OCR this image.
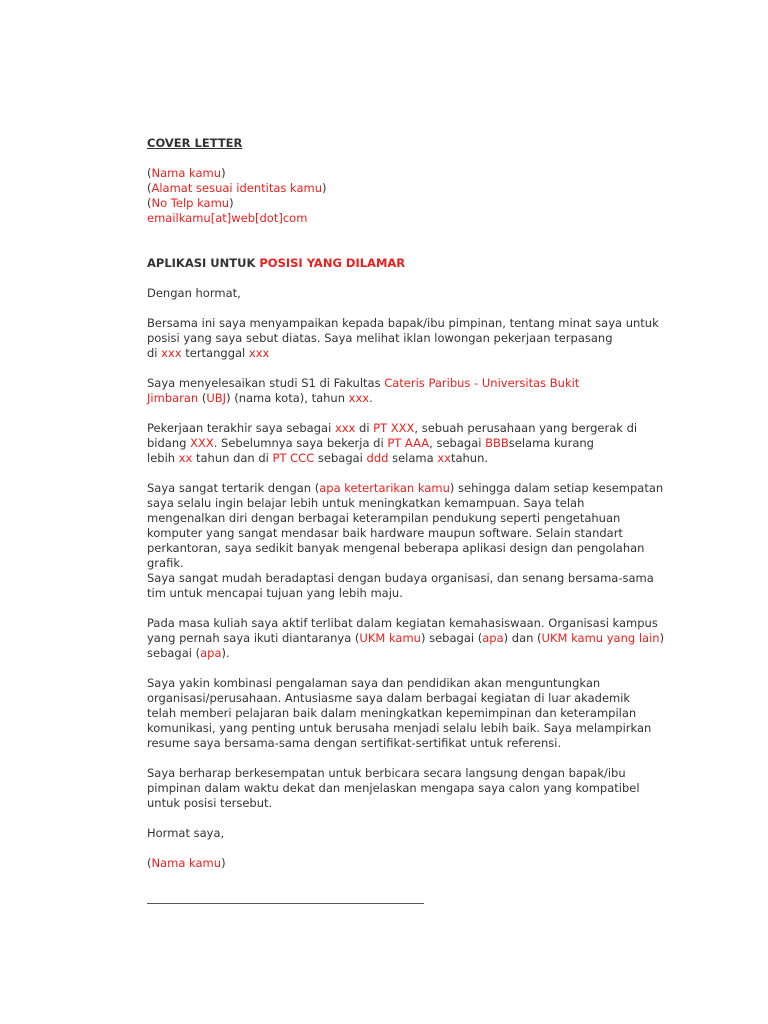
COVER LETTER
(Nama kamu)
(Alamat sesuai identitas kamu)
(No Telp kamu)
emailkamu[at]web[dot]com
APLIKASI UNTUK POSISI YANG DILAMAR
Dengan hormat,
Bersama ini saya menyampaikan kepada bapak/ibu pimpinan, tentang minat saya untuk
posisi yang saya sebut diatas. Saya melihat iklan lowongan pekerjaan terpasang
di xxx tertanggal xxx
Saya menyelesaikan studi S1 di Fakultas Cateris Paribus - Universitas Bukit
Jimbaran (UBJ) (nama kota), tahun xxx.
Pekerjaan terakhir saya sebagai xxx di PT XXX, sebuah perusahaan yang bergerak di
bidang XXX. Sebelumnya saya bekerja di PT AAA, sebagai BBBselama kurang
lebih xx tahun dan di PT CCC sebagai ddd selama xxtahun.
Saya sangat tertarik dengan (apa ketertarikan kamu) sehingga dalam setiap kesempatan
saya selalu ingin belajar lebih untuk meningkatkan kemampuan. Saya telah
mengenalkan diri dengan berbagai keterampilan pendukung seperti pengetahuan
komputer yang sangat mendasar baik hardware maupun software. Selain standart
perkantoran, saya sedikit banyak mengenal beberapa aplikasi design dan pengolahan
grafik.
Saya sangat mudah beradaptasi dengan budaya organisasi, dan senang bersama-sama
tim untuk mencapai tujuan yang lebih maju.
Pada masa kuliah saya aktif terlibat dalam kegiatan kemahasiswaan. Organisasi kampus
yang pernah saya ikuti diantaranya (UKM kamu) sebagai (apa) dan (UKM kamu yang lain)
sebagai (apa).
Saya yakin kombinasi pengalaman saya dan pendidikan akan menguntungkan
organisasi/perusahaan. Antusiasme saya dalam berbagai kegiatan di luar akademik
telah memberi pelajaran baik dalam meningkatkan kepemimpinan dan keterampilan
komunikasi, yang penting untuk berusaha menjadi selalu lebih baik. Saya melampirkan
resume saya bersama-sama dengan sertifikat-sertifikat untuk referensi.
Saya berharap berkesempatan untuk berbicara secara langsung dengan bapak/ibu
pimpinan dalam waktu dekat dan menjelaskan mengapa saya calon yang kompatibel
untuk posisi tersebut.
Hormat saya,
(Nama kamu)
